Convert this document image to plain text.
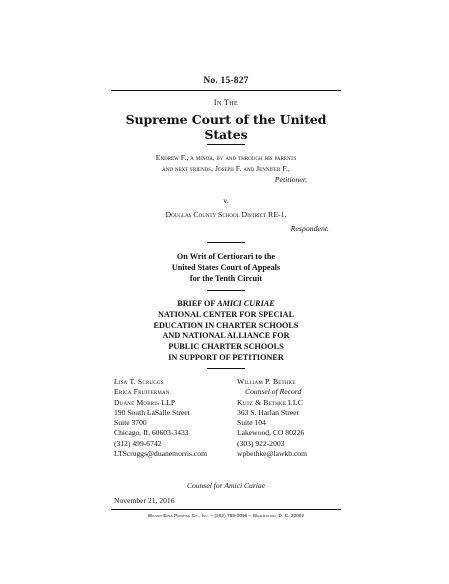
No. 15-827
In The
Supreme Court of the United States
Endrew F., a minor, by and through his parents
and next friends, Joseph F. and Jennifer F.,
Petitioner,
v.
Douglas County School District RE-1,
Respondent.
On Writ of Certiorari to the
United States Court of Appeals
for the Tenth Circuit
BRIEF OF AMICI CURIAE
NATIONAL CENTER FOR SPECIAL
EDUCATION IN CHARTER SCHOOLS
AND NATIONAL ALLIANCE FOR
PUBLIC CHARTER SCHOOLS
IN SUPPORT OF PETITIONER
Lisa T. Scruggs
Erica Fruiterman
Duane Morris LLP
190 South LaSalle Street
Suite 3700
Chicago, IL 60603-3433
(312) 499-6742
LTScruggs@duanemorris.com
William P. Bethke
Counsel of Record
Kutz & Bethke LLC
363 S. Harlan Street
Suite 104
Lakewood, CO 80226
(303) 922-2003
wpbethke@lawkb.com
Counsel for Amici Curiae
November 21, 2016
Wilson-Epes Printing Co., Inc. – (202) 789-0096 – Washington, D. C. 20002
